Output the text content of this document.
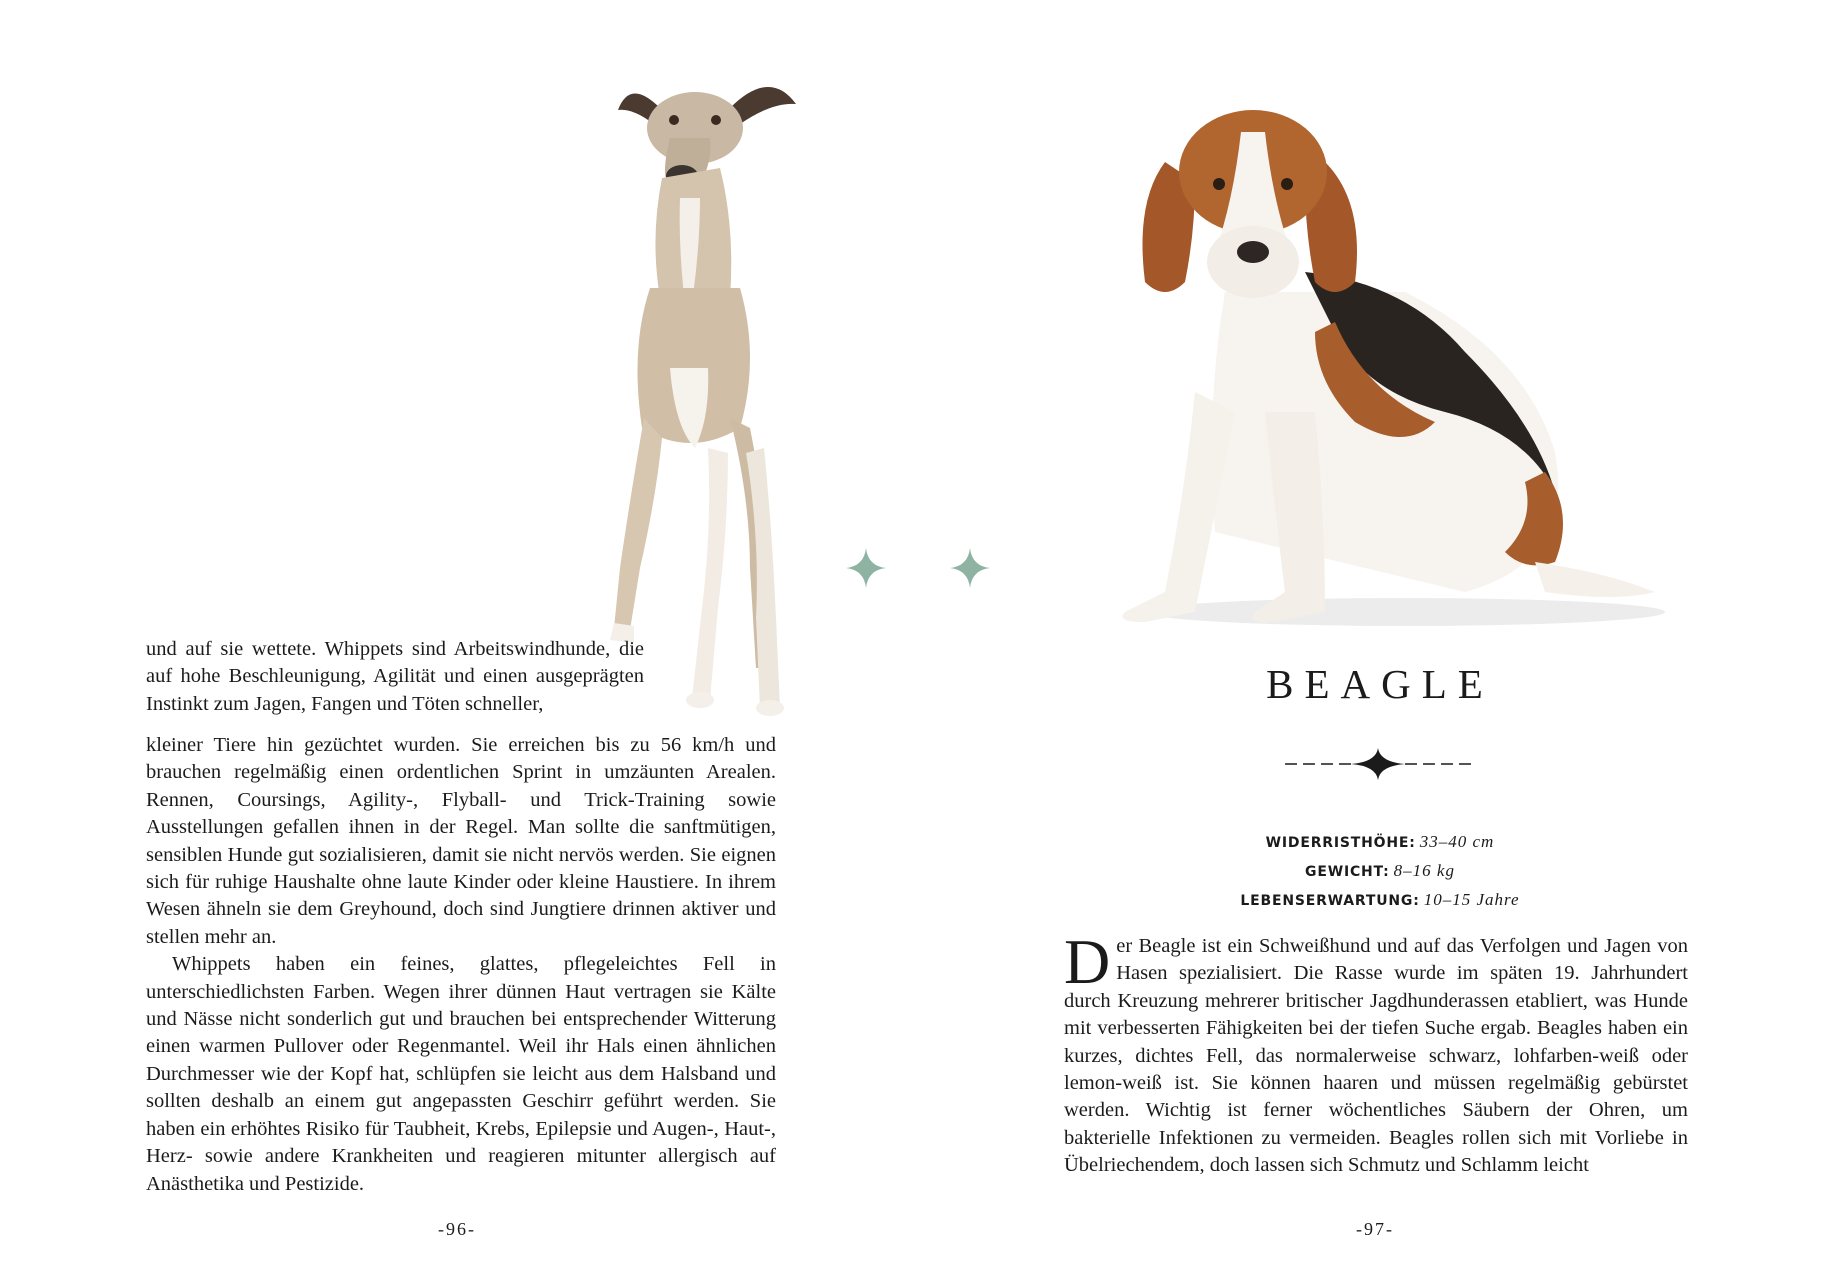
und auf sie wettete. Whippets sind Arbeitswindhunde, die auf hohe Beschleunigung, Agilität und einen ausgeprägten Instinkt zum Jagen, Fangen und Töten schneller,

kleiner Tiere hin gezüchtet wurden. Sie erreichen bis zu 56 km/h und brauchen regelmäßig einen ordentlichen Sprint in umzäunten Arealen. Rennen, Coursings, Agility-, Flyball- und Trick-Training sowie Ausstellungen gefallen ihnen in der Regel. Man sollte die sanftmütigen, sensiblen Hunde gut sozialisieren, damit sie nicht nervös werden. Sie eignen sich für ruhige Haushalte ohne laute Kinder oder kleine Haustiere. In ihrem Wesen ähneln sie dem Greyhound, doch sind Jungtiere drinnen aktiver und stellen mehr an.

Whippets haben ein feines, glattes, pflegeleichtes Fell in unterschiedlichsten Farben. Wegen ihrer dünnen Haut vertragen sie Kälte und Nässe nicht sonderlich gut und brauchen bei entsprechender Witterung einen warmen Pullover oder Regenmantel. Weil ihr Hals einen ähnlichen Durchmesser wie der Kopf hat, schlüpfen sie leicht aus dem Halsband und sollten deshalb an einem gut angepassten Geschirr geführt werden. Sie haben ein erhöhtes Risiko für Taubheit, Krebs, Epilepsie und Augen-, Haut-, Herz- sowie andere Krankheiten und reagieren mitunter allergisch auf Anästhetika und Pestizide.

-96-
BEAGLE
WIDERRISTHÖHE: 33–40 cm
GEWICHT: 8–16 kg
LEBENSERWARTUNG: 10–15 Jahre

Der Beagle ist ein Schweißhund und auf das Verfolgen und Jagen von Hasen spezialisiert. Die Rasse wurde im späten 19. Jahrhundert durch Kreuzung mehrerer britischer Jagdhunderassen etabliert, was Hunde mit verbesserten Fähigkeiten bei der tiefen Suche ergab. Beagles haben ein kurzes, dichtes Fell, das normalerweise schwarz, lohfarben-weiß oder lemon-weiß ist. Sie können haaren und müssen regelmäßig gebürstet werden. Wichtig ist ferner wöchentliches Säubern der Ohren, um bakterielle Infektionen zu vermeiden. Beagles rollen sich mit Vorliebe in Übelriechendem, doch lassen sich Schmutz und Schlamm leicht

-97-
